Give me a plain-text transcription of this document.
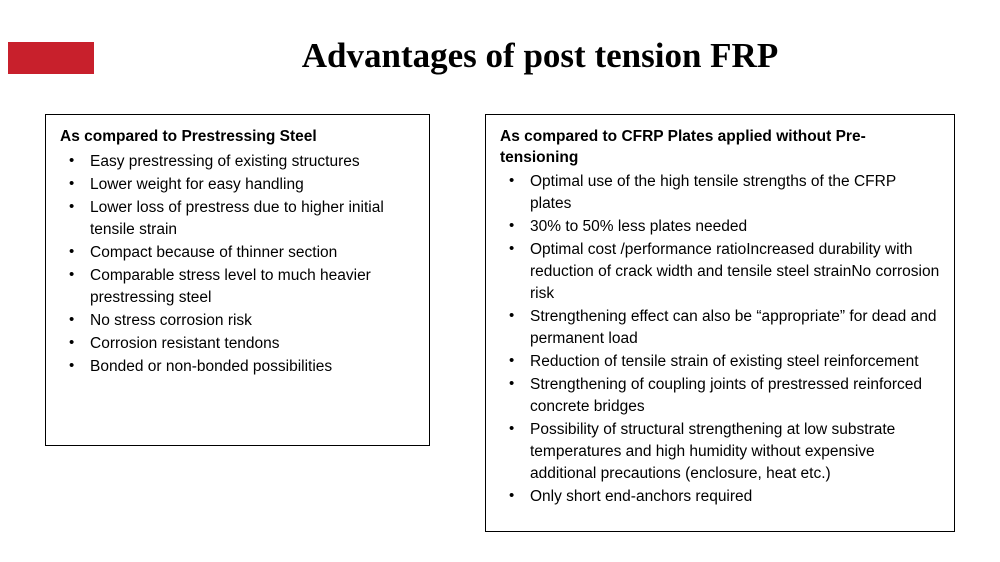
Advantages of post tension FRP
As compared to Prestressing Steel
• Easy prestressing of existing structures
• Lower weight for easy handling
• Lower loss of prestress due to higher initial tensile strain
• Compact because of thinner section
• Comparable stress level to much heavier prestressing steel
• No stress corrosion risk
• Corrosion resistant tendons
• Bonded or non-bonded possibilities
As compared to CFRP Plates applied without Pre-tensioning
• Optimal use of the high tensile strengths of the CFRP plates
• 30% to 50% less plates needed
• Optimal cost /performance ratioIncreased durability with reduction of crack width and tensile steel strainNo corrosion risk
• Strengthening effect can also be “appropriate” for dead and permanent load
• Reduction of tensile strain of existing steel reinforcement
• Strengthening of coupling joints of prestressed reinforced concrete bridges
• Possibility of structural strengthening at low substrate temperatures and high humidity without expensive additional precautions (enclosure, heat etc.)
• Only short end-anchors required
